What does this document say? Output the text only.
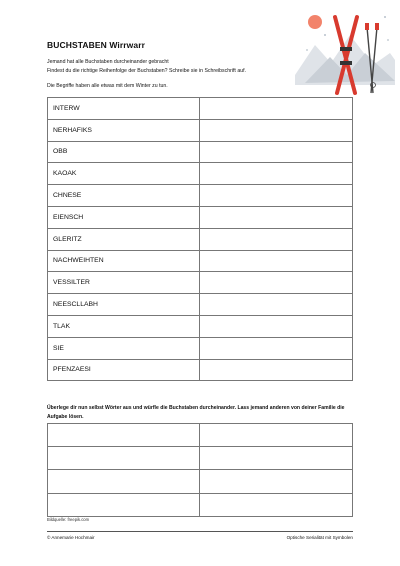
BUCHSTABEN Wirrwarr
Jemand hat alle Buchstaben durcheinander gebracht
Findest du die richtige Reihenfolge der Buchstaben? Schreibe sie in Schreibschrift auf.
Die Begriffe haben alle etwas mit dem Winter zu tun.
INTERW	
NERHAFIKS	
OBB	
KAOAK	
CHNESE	
EIENSCH	
GLERITZ	
NACHWEIHTEN	
VESSILTER	
NEESCLLABH	
TLAK	
SIE	
PFENZAESI	
Überlege dir nun selbst Wörter aus und würfle die Buchstaben durcheinander. Lass jemand anderen von deiner Familie die Aufgabe lösen.

Bildquelle: freepik.com
© Annemarie Hochmair	Optische Serialität mit Symbolen
